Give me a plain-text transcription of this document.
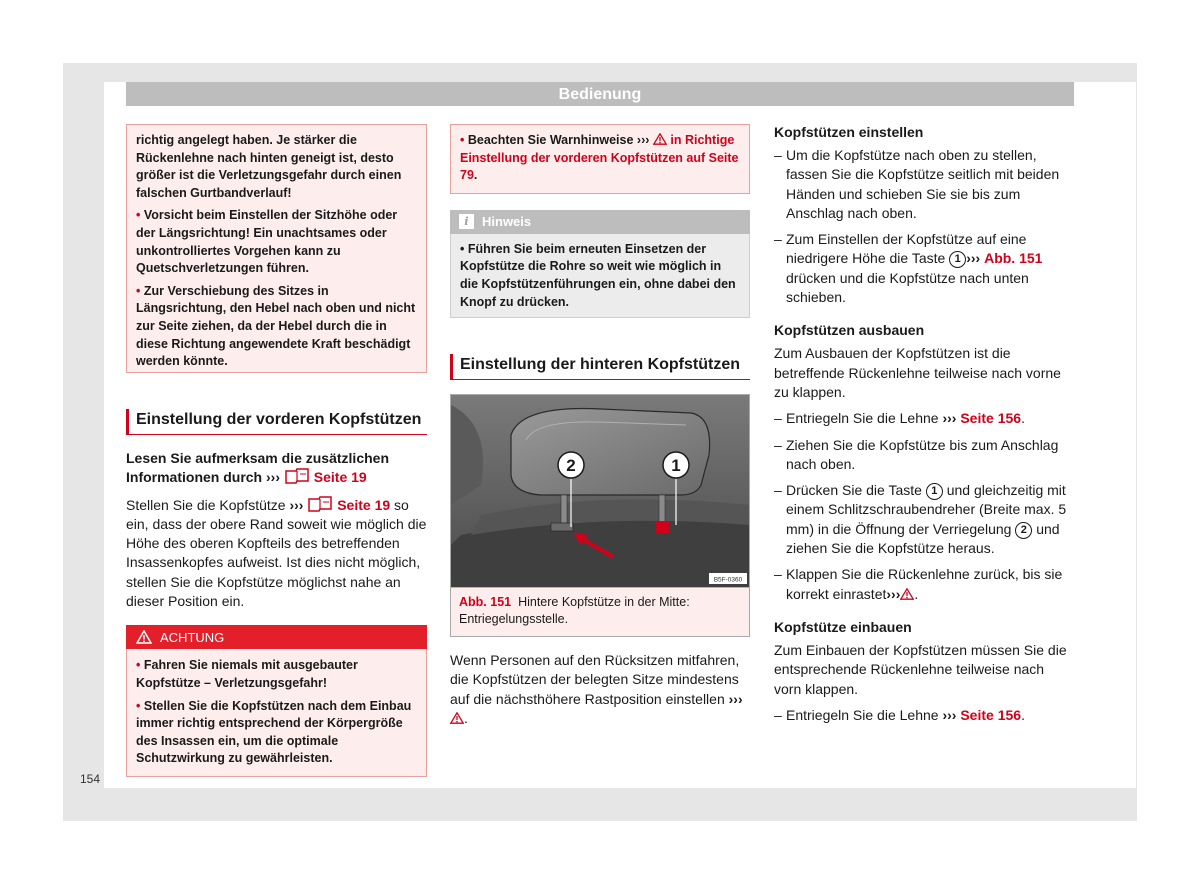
Bedienung

richtig angelegt haben. Je stärker die Rückenlehne nach hinten geneigt ist, desto größer ist die Verletzungsgefahr durch einen falschen Gurtbandverlauf!

• Vorsicht beim Einstellen der Sitzhöhe oder der Längsrichtung! Ein unachtsames oder unkontrolliertes Vorgehen kann zu Quetschverletzungen führen.

• Zur Verschiebung des Sitzes in Längsrichtung, den Hebel nach oben und nicht zur Seite ziehen, da der Hebel durch die in diese Richtung angewendete Kraft beschädigt werden könnte.

Einstellung der vorderen Kopfstützen
Lesen Sie aufmerksam die zusätzlichen Informationen durch ››› Seite 19
Stellen Sie die Kopfstütze ››› Seite 19 so ein, dass der obere Rand soweit wie möglich die Höhe des oberen Kopfteils des betreffenden Insassenkopfes aufweist. Ist dies nicht möglich, stellen Sie die Kopfstütze möglichst nahe an dieser Position ein.
ACHTUNG

• Fahren Sie niemals mit ausgebauter Kopfstütze – Verletzungsgefahr!

• Stellen Sie die Kopfstützen nach dem Einbau immer richtig entsprechend der Körpergröße des Insassen ein, um die optimale Schutzwirkung zu gewährleisten.

• Beachten Sie Warnhinweise ››› in Richtige Einstellung der vorderen Kopfstützen auf Seite 79.
i	Hinweis
• Führen Sie beim erneuten Einsetzen der Kopfstütze die Rohre so weit wie möglich in die Kopfstützenführungen ein, ohne dabei den Knopf zu drücken.
Einstellung der hinteren Kopfstützen
2	1
B5F-0360
Abb. 151 Hintere Kopfstütze in der Mitte: Entriegelungsstelle.
Wenn Personen auf den Rücksitzen mitfahren, die Kopfstützen der belegten Sitze mindestens auf die nächsthöhere Rastposition einstellen ››› .
Kopfstützen einstellen
– Um die Kopfstütze nach oben zu stellen, fassen Sie die Kopfstütze seitlich mit beiden Händen und schieben Sie sie bis zum Anschlag nach oben.
– Zum Einstellen der Kopfstütze auf eine niedrigere Höhe die Taste 1 ››› Abb. 151 drücken und die Kopfstütze nach unten schieben.
Kopfstützen ausbauen
Zum Ausbauen der Kopfstützen ist die betreffende Rückenlehne teilweise nach vorne zu klappen.
– Entriegeln Sie die Lehne ››› Seite 156.
– Ziehen Sie die Kopfstütze bis zum Anschlag nach oben.
– Drücken Sie die Taste 1 und gleichzeitig mit einem Schlitzschraubendreher (Breite max. 5 mm) in die Öffnung der Verriegelung 2 und ziehen Sie die Kopfstütze heraus.
– Klappen Sie die Rückenlehne zurück, bis sie korrekt einrastet››› .
Kopfstütze einbauen
Zum Einbauen der Kopfstützen müssen Sie die entsprechende Rückenlehne teilweise nach vorn klappen.
– Entriegeln Sie die Lehne ››› Seite 156.
154
